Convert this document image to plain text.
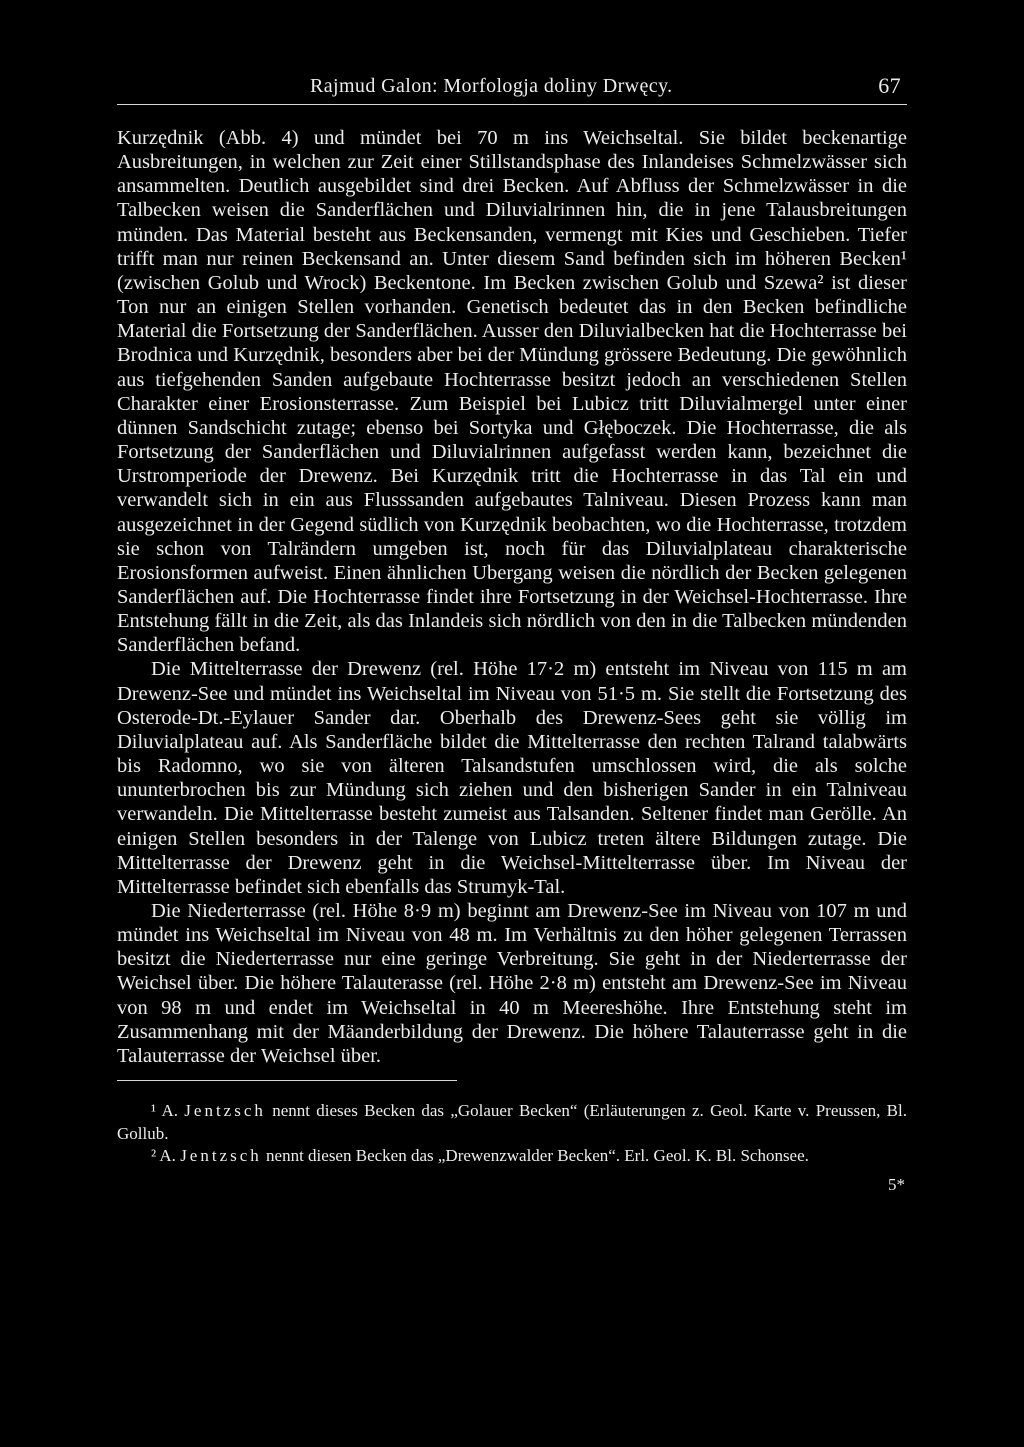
Rajmud Galon: Morfologja doliny Drwęcy.	67

Kurzędnik (Abb. 4) und mündet bei 70 m ins Weichseltal. Sie bildet beckenartige Ausbreitungen, in welchen zur Zeit einer Stillstandsphase des Inlandeises Schmelzwässer sich ansammelten. Deutlich ausgebildet sind drei Becken. Auf Abfluss der Schmelzwässer in die Talbecken weisen die Sanderflächen und Diluvialrinnen hin, die in jene Talausbreitungen münden. Das Material besteht aus Beckensanden, vermengt mit Kies und Geschieben. Tiefer trifft man nur reinen Beckensand an. Unter diesem Sand befinden sich im höheren Becken¹ (zwischen Golub und Wrock) Beckentone. Im Becken zwischen Golub und Szewa² ist dieser Ton nur an einigen Stellen vorhanden. Genetisch bedeutet das in den Becken befindliche Material die Fortsetzung der Sanderflächen. Ausser den Diluvialbecken hat die Hochterrasse bei Brodnica und Kurzędnik, besonders aber bei der Mündung grössere Bedeutung. Die gewöhnlich aus tiefgehenden Sanden aufgebaute Hochterrasse besitzt jedoch an verschiedenen Stellen Charakter einer Erosionsterrasse. Zum Beispiel bei Lubicz tritt Diluvialmergel unter einer dünnen Sandschicht zutage; ebenso bei Sortyka und Głęboczek. Die Hochterrasse, die als Fortsetzung der Sanderflächen und Diluvialrinnen aufgefasst werden kann, bezeichnet die Urstromperiode der Drewenz. Bei Kurzędnik tritt die Hochterrasse in das Tal ein und verwandelt sich in ein aus Flusssanden aufgebautes Talniveau. Diesen Prozess kann man ausgezeichnet in der Gegend südlich von Kurzędnik beobachten, wo die Hochterrasse, trotzdem sie schon von Talrändern umgeben ist, noch für das Diluvialplateau charakterische Erosionsformen aufweist. Einen ähnlichen Ubergang weisen die nördlich der Becken gelegenen Sanderflächen auf. Die Hochterrasse findet ihre Fortsetzung in der Weichsel-Hochterrasse. Ihre Entstehung fällt in die Zeit, als das Inlandeis sich nördlich von den in die Talbecken mündenden Sanderflächen befand.

Die Mittelterrasse der Drewenz (rel. Höhe 17·2 m) entsteht im Niveau von 115 m am Drewenz-See und mündet ins Weichseltal im Niveau von 51·5 m. Sie stellt die Fortsetzung des Osterode-Dt.-Eylauer Sander dar. Oberhalb des Drewenz-Sees geht sie völlig im Diluvialplateau auf. Als Sanderfläche bildet die Mittelterrasse den rechten Talrand talabwärts bis Radomno, wo sie von älteren Talsandstufen umschlossen wird, die als solche ununterbrochen bis zur Mündung sich ziehen und den bisherigen Sander in ein Talniveau verwandeln. Die Mittelterrasse besteht zumeist aus Talsanden. Seltener findet man Gerölle. An einigen Stellen besonders in der Talenge von Lubicz treten ältere Bildungen zutage. Die Mittelterrasse der Drewenz geht in die Weichsel-Mittelterrasse über. Im Niveau der Mittelterrasse befindet sich ebenfalls das Strumyk-Tal.

Die Niederterrasse (rel. Höhe 8·9 m) beginnt am Drewenz-See im Niveau von 107 m und mündet ins Weichseltal im Niveau von 48 m. Im Verhältnis zu den höher gelegenen Terrassen besitzt die Niederterrasse nur eine geringe Verbreitung. Sie geht in der Niederterrasse der Weichsel über. Die höhere Talauterasse (rel. Höhe 2·8 m) entsteht am Drewenz-See im Niveau von 98 m und endet im Weichseltal in 40 m Meereshöhe. Ihre Entstehung steht im Zusammenhang mit der Mäanderbildung der Drewenz. Die höhere Talauterrasse geht in die Talauterrasse der Weichsel über.

¹ A. Jentzsch nennt dieses Becken das „Golauer Becken“ (Erläuterungen z. Geol. Karte v. Preussen, Bl. Gollub.

² A. Jentzsch nennt diesen Becken das „Drewenzwalder Becken“. Erl. Geol. K. Bl. Schonsee.

5*
